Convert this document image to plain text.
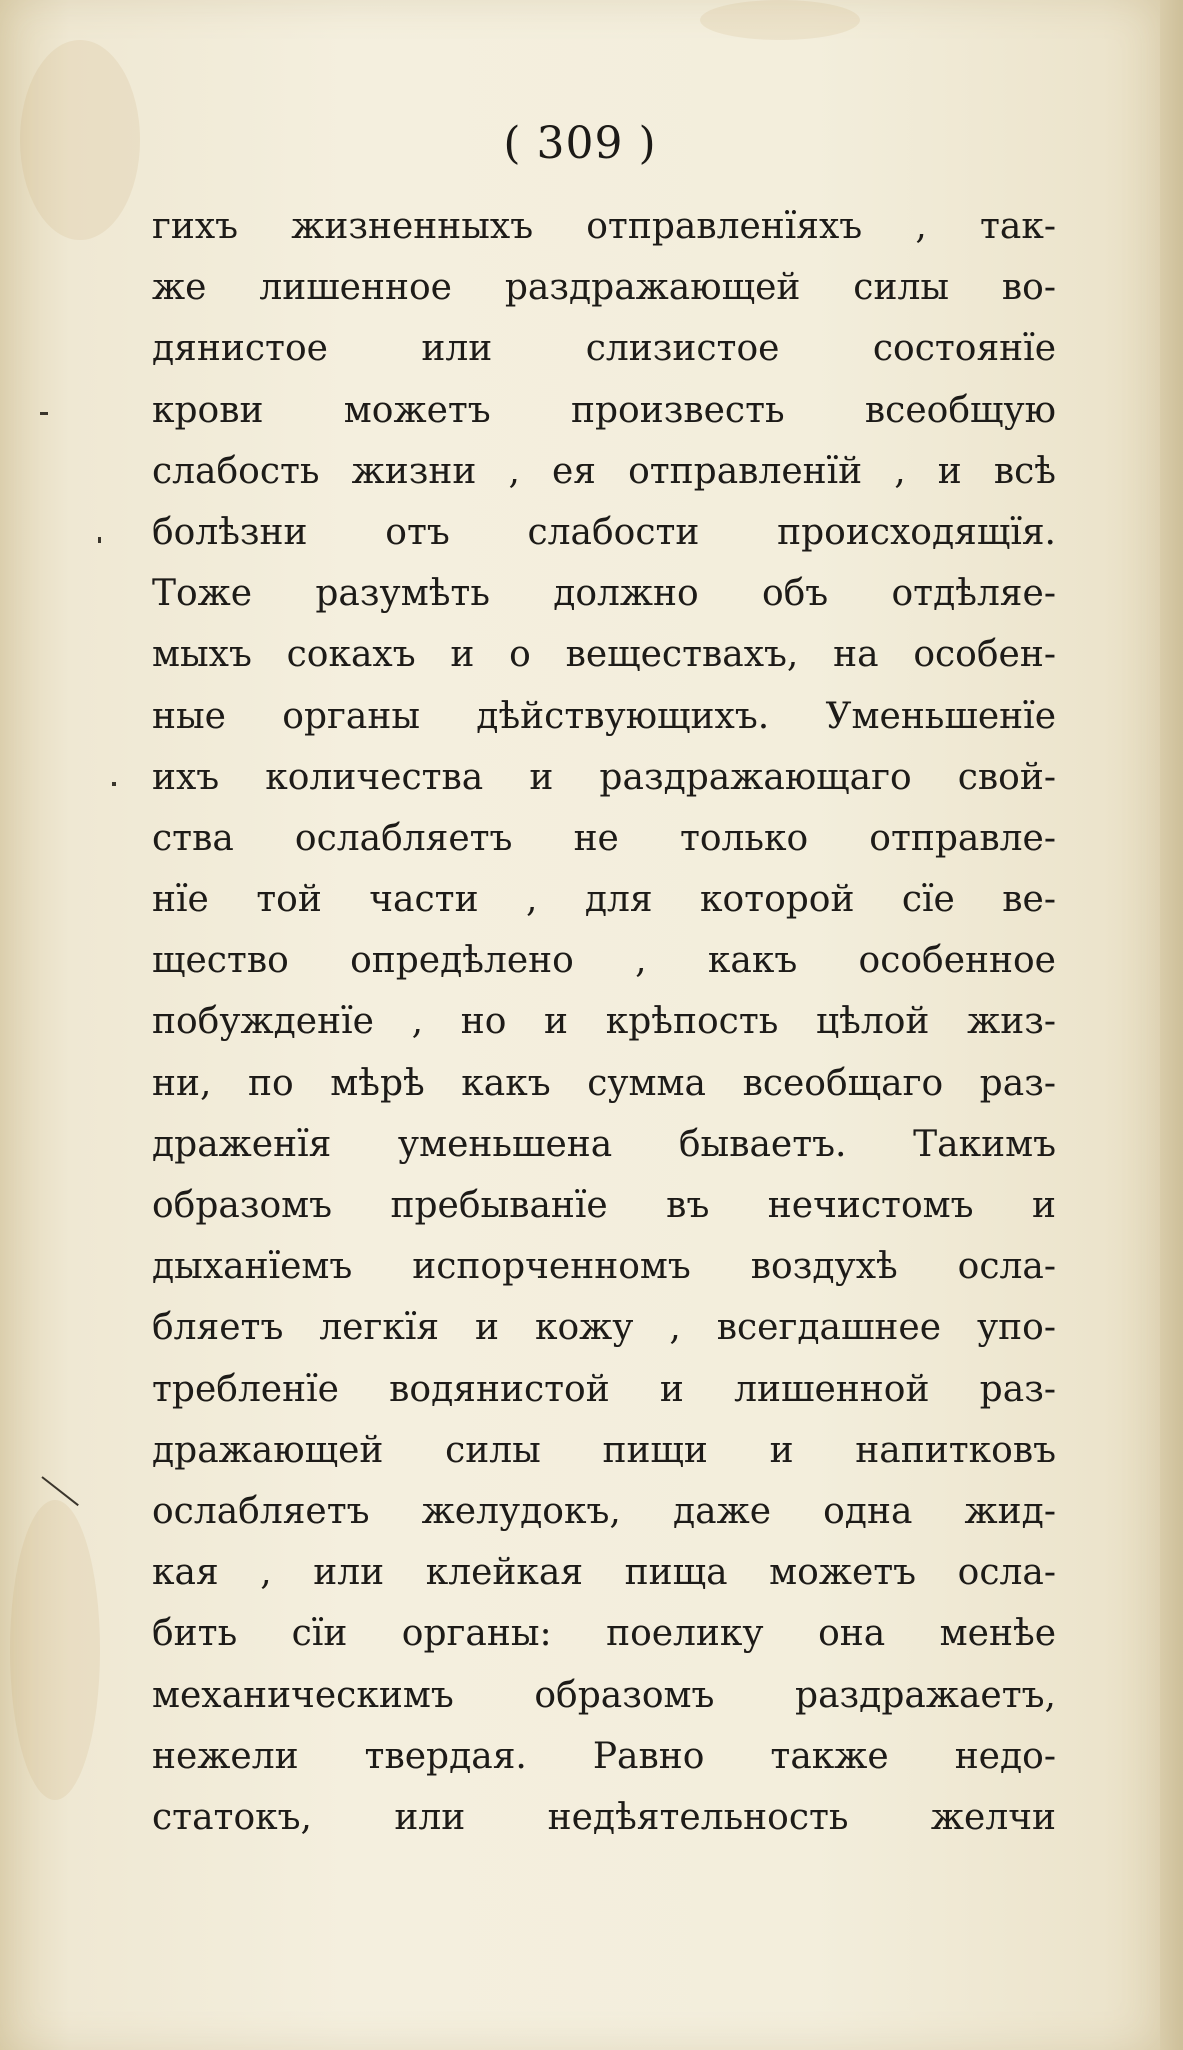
( 309 )
гихъ жизненныхъ отправленїяхъ , так-
же лишенное раздражающей силы во-
дянистое или слизистое состоянїе
крови можетъ произвесть всеобщую
слабость жизни , ея отправленїй , и всѣ
болѣзни отъ слабости происходящїя.
Тоже разумѣть должно объ отдѣляе-
мыхъ сокахъ и о веществахъ, на особен-
ные органы дѣйствующихъ. Уменьшенїе
ихъ количества и раздражающаго свой-
ства ослабляетъ не только отправле-
нїе той части , для которой сїе ве-
щество опредѣлено , какъ особенное
побужденїе , но и крѣпость цѣлой жиз-
ни, по мѣрѣ какъ сумма всеобщаго раз-
драженїя уменьшена бываетъ. Такимъ
образомъ пребыванїе въ нечистомъ и
дыханїемъ испорченномъ воздухѣ осла-
бляетъ легкїя и кожу , всегдашнее упо-
требленїе водянистой и лишенной раз-
дражающей силы пищи и напитковъ
ослабляетъ желудокъ, даже одна жид-
кая , или клейкая пища можетъ осла-
бить сїи органы: поелику она менѣе
механическимъ образомъ раздражаетъ,
нежели твердая. Равно также недо-
статокъ, или недѣятельность желчи
